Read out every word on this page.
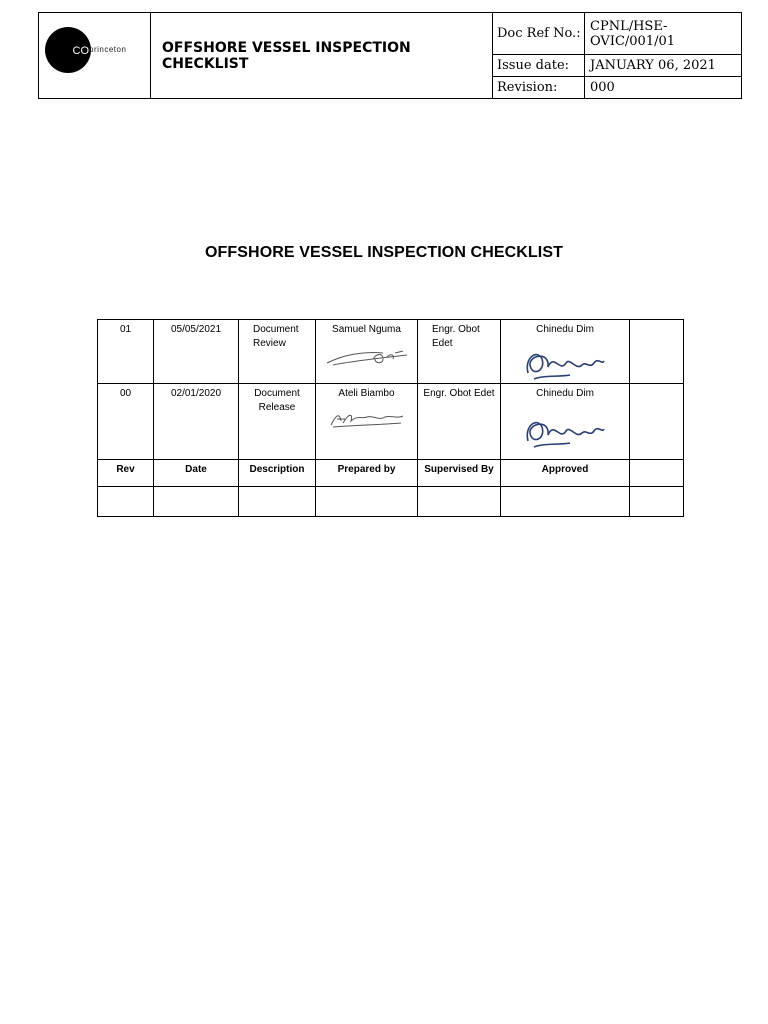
CO princeton	OFFSHORE VESSEL INSPECTION CHECKLIST	Doc Ref No.:	CPNL/HSE-OVIC/001/01
		Issue date:	JANUARY 06, 2021
		Revision:	000
OFFSHORE VESSEL INSPECTION CHECKLIST
01	05/05/2021	Document Review	Samuel Nguma	Engr. Obot Edet	Chinedu Dim

00	02/01/2020	Document Release	Ateli Biambo	Engr. Obot Edet	Chinedu Dim

Rev	Date	Description	Prepared by	Supervised By	Approved	
